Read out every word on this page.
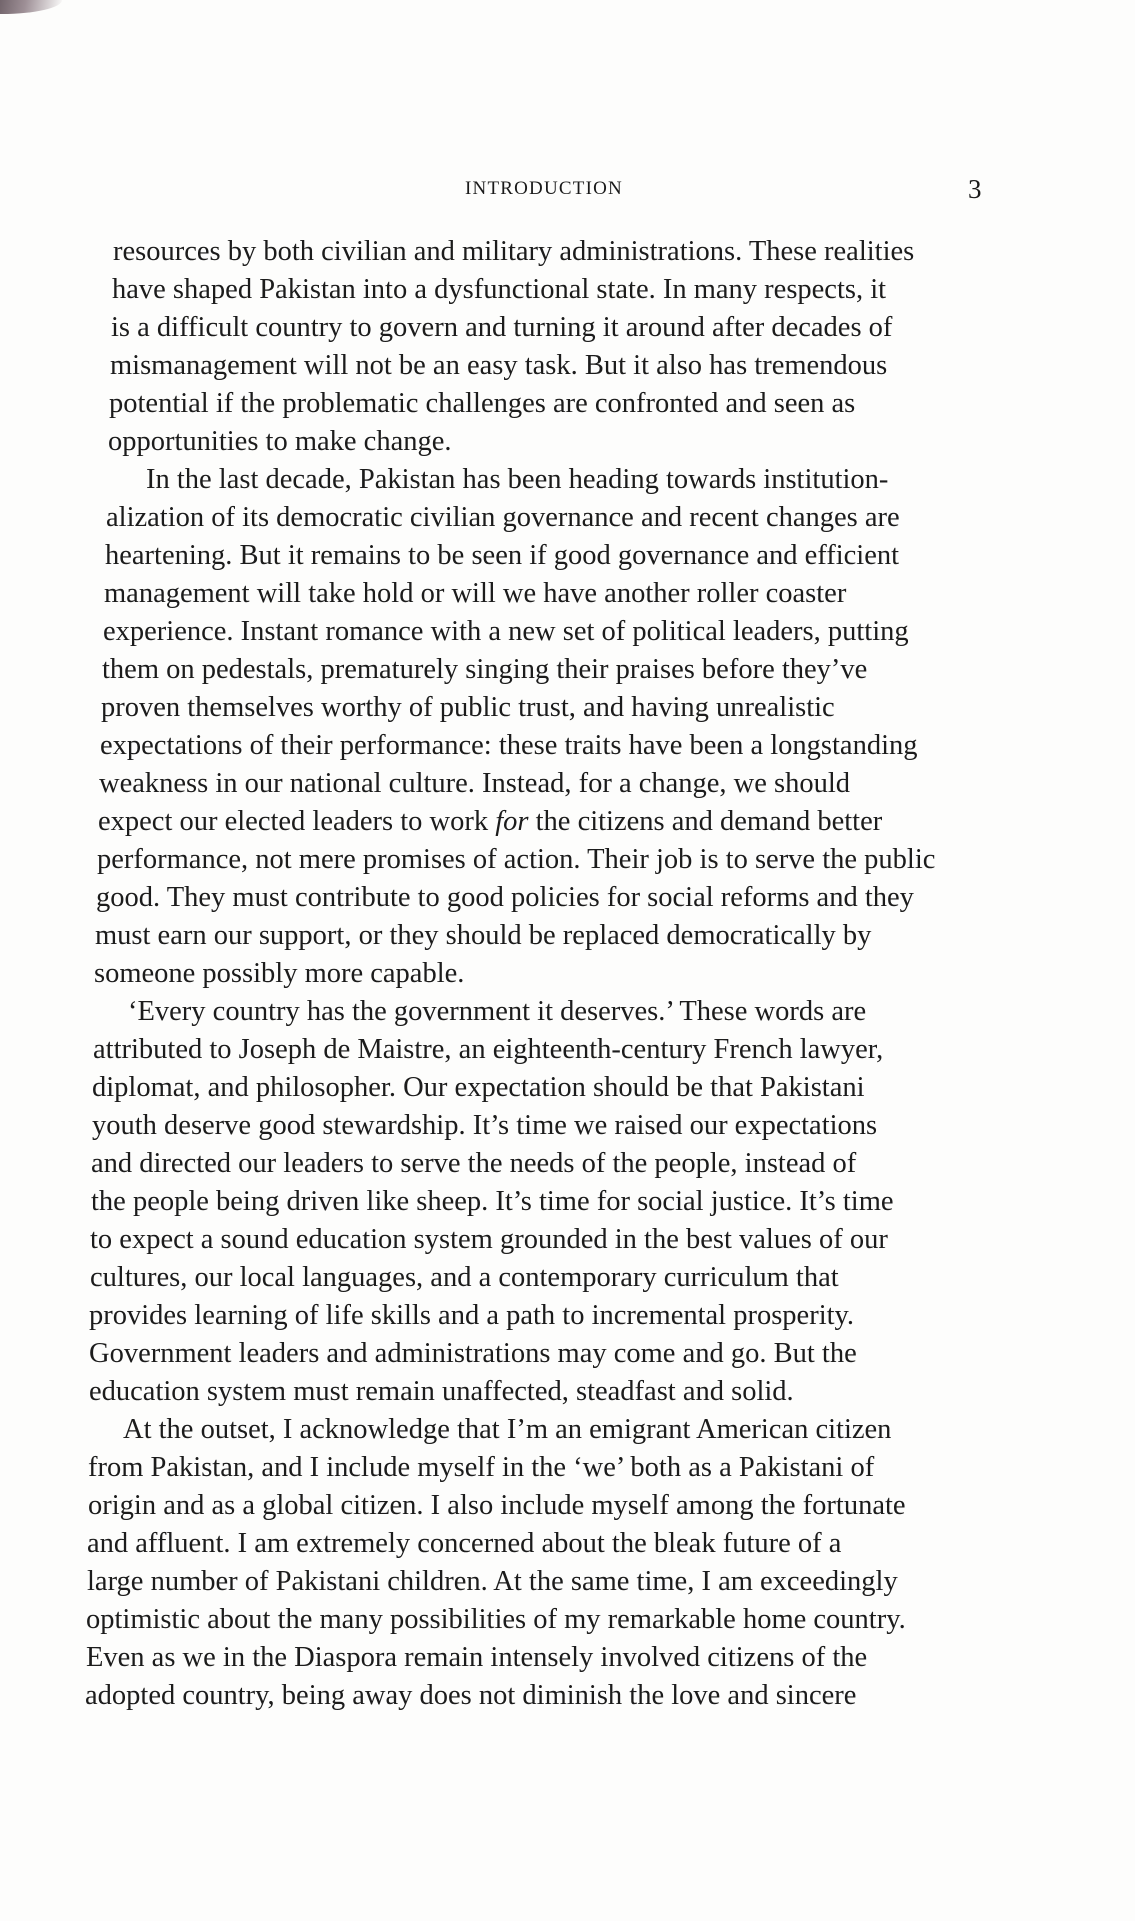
INTRODUCTION	3
resources by both civilian and military administrations. These realities
have shaped Pakistan into a dysfunctional state. In many respects, it
is a difficult country to govern and turning it around after decades of
mismanagement will not be an easy task. But it also has tremendous
potential if the problematic challenges are confronted and seen as
opportunities to make change.
In the last decade, Pakistan has been heading towards institution-
alization of its democratic civilian governance and recent changes are
heartening. But it remains to be seen if good governance and efficient
management will take hold or will we have another roller coaster
experience. Instant romance with a new set of political leaders, putting
them on pedestals, prematurely singing their praises before they’ve
proven themselves worthy of public trust, and having unrealistic
expectations of their performance: these traits have been a longstanding
weakness in our national culture. Instead, for a change, we should
expect our elected leaders to work for the citizens and demand better
performance, not mere promises of action. Their job is to serve the public
good. They must contribute to good policies for social reforms and they
must earn our support, or they should be replaced democratically by
someone possibly more capable.
‘Every country has the government it deserves.’ These words are
attributed to Joseph de Maistre, an eighteenth-century French lawyer,
diplomat, and philosopher. Our expectation should be that Pakistani
youth deserve good stewardship. It’s time we raised our expectations
and directed our leaders to serve the needs of the people, instead of
the people being driven like sheep. It’s time for social justice. It’s time
to expect a sound education system grounded in the best values of our
cultures, our local languages, and a contemporary curriculum that
provides learning of life skills and a path to incremental prosperity.
Government leaders and administrations may come and go. But the
education system must remain unaffected, steadfast and solid.
At the outset, I acknowledge that I’m an emigrant American citizen
from Pakistan, and I include myself in the ‘we’ both as a Pakistani of
origin and as a global citizen. I also include myself among the fortunate
and affluent. I am extremely concerned about the bleak future of a
large number of Pakistani children. At the same time, I am exceedingly
optimistic about the many possibilities of my remarkable home country.
Even as we in the Diaspora remain intensely involved citizens of the
adopted country, being away does not diminish the love and sincere
